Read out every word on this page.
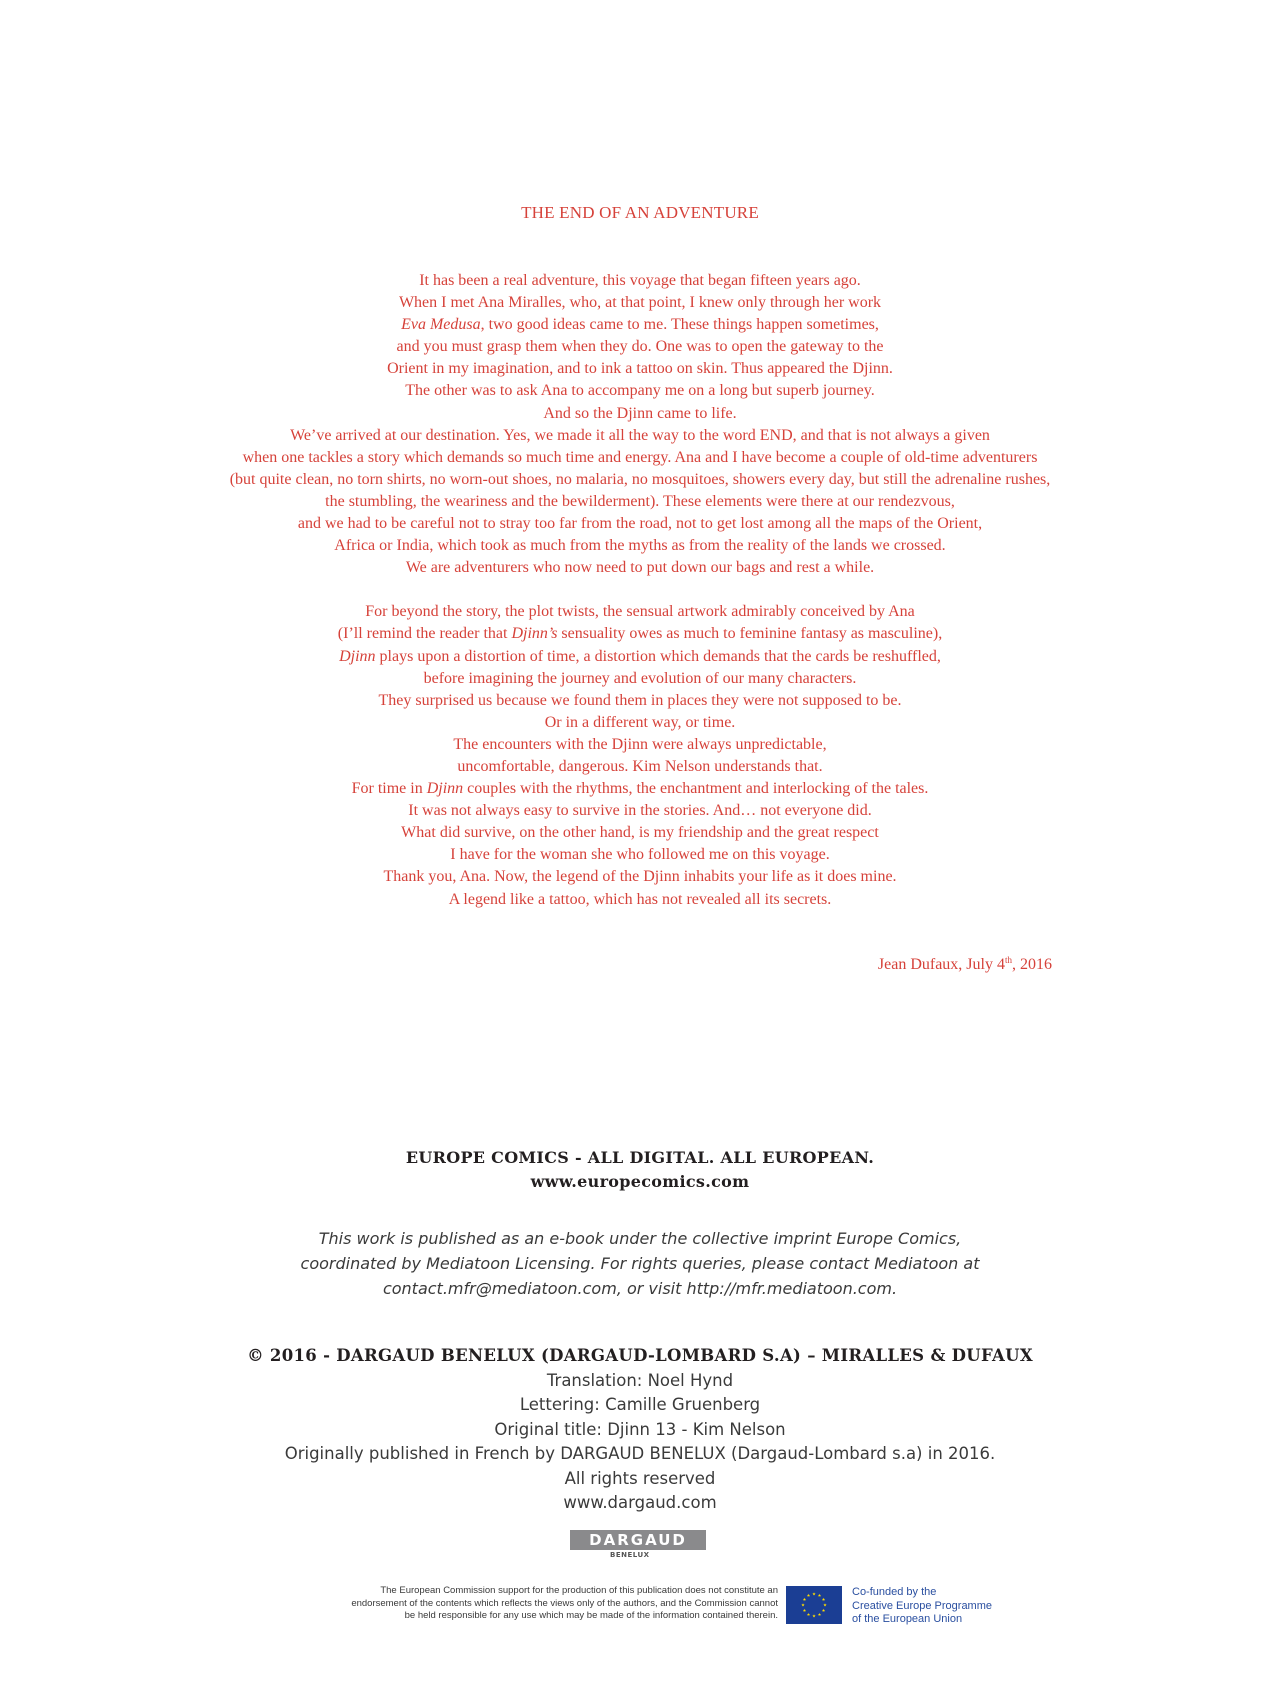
THE END OF AN ADVENTURE
It has been a real adventure, this voyage that began fifteen years ago.
When I met Ana Miralles, who, at that point, I knew only through her work
Eva Medusa, two good ideas came to me. These things happen sometimes,
and you must grasp them when they do. One was to open the gateway to the
Orient in my imagination, and to ink a tattoo on skin. Thus appeared the Djinn.
The other was to ask Ana to accompany me on a long but superb journey.
And so the Djinn came to life.
We’ve arrived at our destination. Yes, we made it all the way to the word END, and that is not always a given
when one tackles a story which demands so much time and energy. Ana and I have become a couple of old-time adventurers
(but quite clean, no torn shirts, no worn-out shoes, no malaria, no mosquitoes, showers every day, but still the adrenaline rushes,
the stumbling, the weariness and the bewilderment). These elements were there at our rendezvous,
and we had to be careful not to stray too far from the road, not to get lost among all the maps of the Orient,
Africa or India, which took as much from the myths as from the reality of the lands we crossed.
We are adventurers who now need to put down our bags and rest a while.
For beyond the story, the plot twists, the sensual artwork admirably conceived by Ana
(I’ll remind the reader that Djinn’s sensuality owes as much to feminine fantasy as masculine),
Djinn plays upon a distortion of time, a distortion which demands that the cards be reshuffled,
before imagining the journey and evolution of our many characters.
They surprised us because we found them in places they were not supposed to be.
Or in a different way, or time.
The encounters with the Djinn were always unpredictable,
uncomfortable, dangerous. Kim Nelson understands that.
For time in Djinn couples with the rhythms, the enchantment and interlocking of the tales.
It was not always easy to survive in the stories. And… not everyone did.
What did survive, on the other hand, is my friendship and the great respect
I have for the woman she who followed me on this voyage.
Thank you, Ana. Now, the legend of the Djinn inhabits your life as it does mine.
A legend like a tattoo, which has not revealed all its secrets.
Jean Dufaux, July 4th, 2016
EUROPE COMICS - ALL DIGITAL. ALL EUROPEAN.
www.europecomics.com
This work is published as an e-book under the collective imprint Europe Comics,
coordinated by Mediatoon Licensing. For rights queries, please contact Mediatoon at
contact.mfr@mediatoon.com, or visit http://mfr.mediatoon.com.
© 2016 - DARGAUD BENELUX (DARGAUD-LOMBARD S.A) – MIRALLES & DUFAUX
Translation: Noel Hynd
Lettering: Camille Gruenberg
Original title: Djinn 13 - Kim Nelson
Originally published in French by DARGAUD BENELUX (Dargaud-Lombard s.a) in 2016.
All rights reserved
www.dargaud.com
DARGAUD
BENELUX
The European Commission support for the production of this publication does not constitute an
endorsement of the contents which reflects the views only of the authors, and the Commission cannot
be held responsible for any use which may be made of the information contained therein.
Co-funded by the
Creative Europe Programme
of the European Union
